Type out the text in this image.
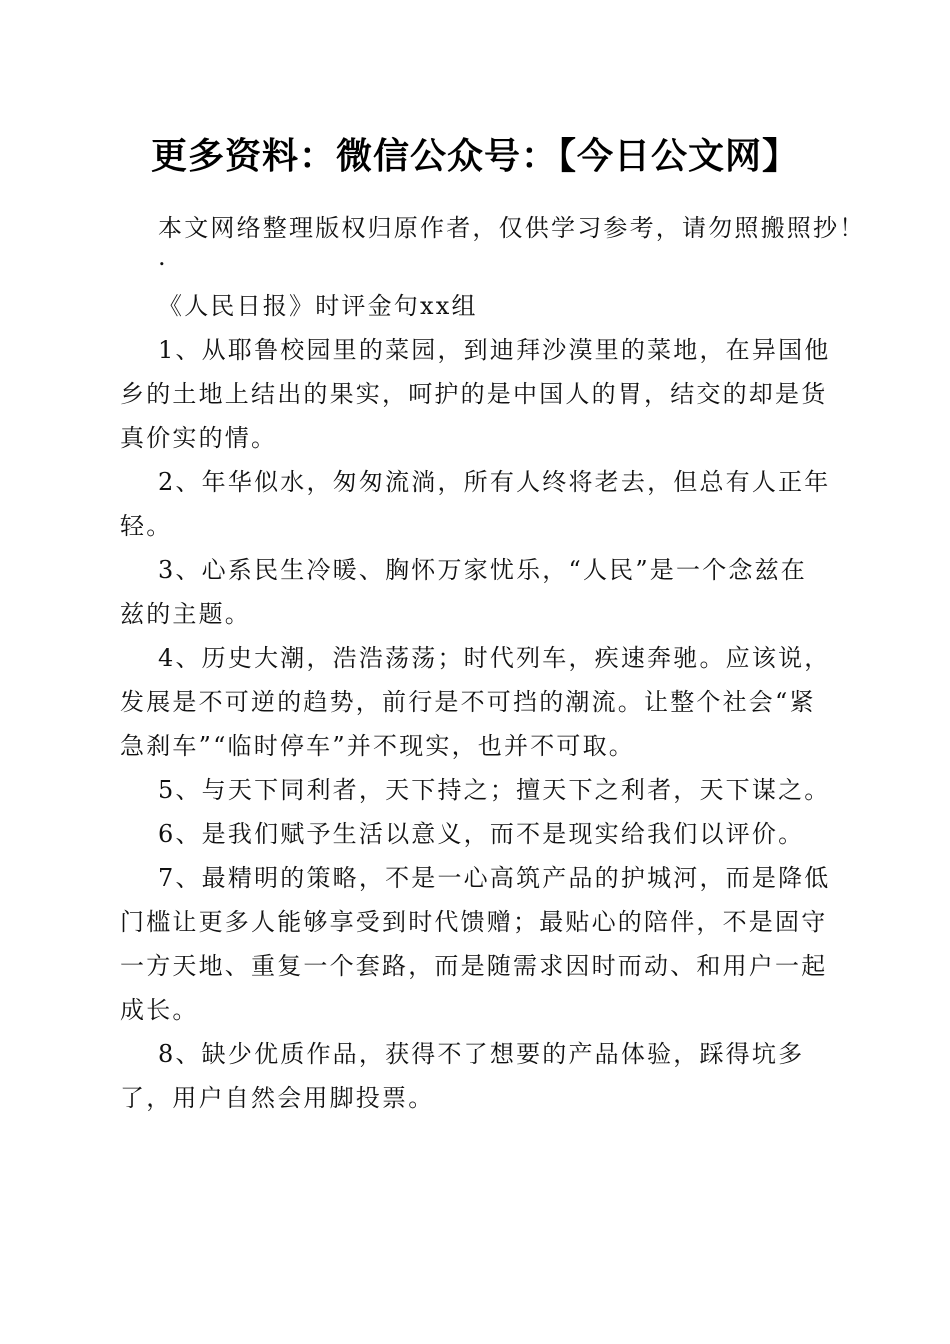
更多资料：微信公众号：【今日公文网】

本文网络整理版权归原作者，仅供学习参考，请勿照搬照抄！

.

《人民日报》时评金句xx组

1、从耶鲁校园里的菜园，到迪拜沙漠里的菜地，在异国他乡的土地上结出的果实，呵护的是中国人的胃，结交的却是货真价实的情。

2、年华似水，匆匆流淌，所有人终将老去，但总有人正年轻。

3、心系民生冷暖、胸怀万家忧乐，“人民”是一个念兹在兹的主题。

4、历史大潮，浩浩荡荡；时代列车，疾速奔驰。应该说，发展是不可逆的趋势，前行是不可挡的潮流。让整个社会“紧急刹车”“临时停车”并不现实，也并不可取。

5、与天下同利者，天下持之；擅天下之利者，天下谋之。

6、是我们赋予生活以意义，而不是现实给我们以评价。

7、最精明的策略，不是一心高筑产品的护城河，而是降低门槛让更多人能够享受到时代馈赠；最贴心的陪伴，不是固守一方天地、重复一个套路，而是随需求因时而动、和用户一起成长。

8、缺少优质作品，获得不了想要的产品体验，踩得坑多了，用户自然会用脚投票。
